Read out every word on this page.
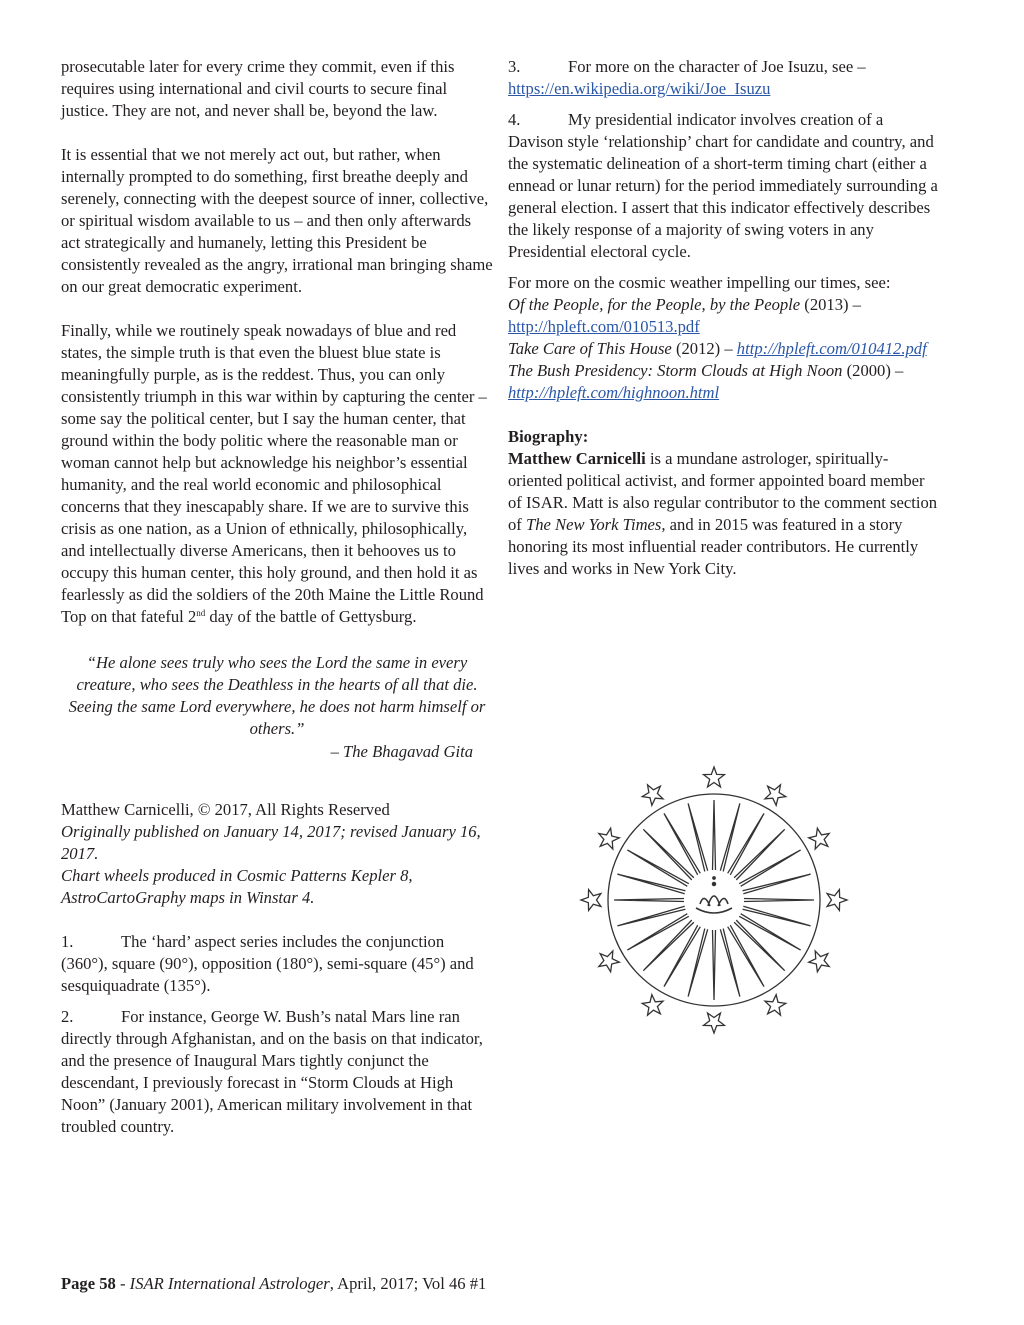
prosecutable later for every crime they commit, even if this requires using international and civil courts to secure final justice. They are not, and never shall be, beyond the law.

It is essential that we not merely act out, but rather, when internally prompted to do something, first breathe deeply and serenely, connecting with the deepest source of inner, collective, or spiritual wisdom available to us – and then only afterwards act strategically and humanely, letting this President be consistently revealed as the angry, irrational man bringing shame on our great democratic experiment.

Finally, while we routinely speak nowadays of blue and red states, the simple truth is that even the bluest blue state is meaningfully purple, as is the reddest. Thus, you can only consistently triumph in this war within by capturing the center – some say the political center, but I say the human center, that ground within the body politic where the reasonable man or woman cannot help but acknowledge his neighbor’s essential humanity, and the real world economic and philosophical concerns that they inescapably share. If we are to survive this crisis as one nation, as a Union of ethnically, philosophically, and intellectually diverse Americans, then it behooves us to occupy this human center, this holy ground, and then hold it as fearlessly as did the soldiers of the 20th Maine the Little Round Top on that fateful 2nd day of the battle of Gettysburg.

“He alone sees truly who sees the Lord the same in every creature, who sees the Deathless in the hearts of all that die.

Seeing the same Lord everywhere, he does not harm himself or others.”

– The Bhagavad Gita

Matthew Carnicelli, © 2017, All Rights Reserved

Originally published on January 14, 2017; revised January 16, 2017.

Chart wheels produced in Cosmic Patterns Kepler 8, AstroCartoGraphy maps in Winstar 4.

1.	The ‘hard’ aspect series includes the conjunction (360°), square (90°), opposition (180°), semi-square (45°) and sesquiquadrate (135°).

2.	For instance, George W. Bush’s natal Mars line ran directly through Afghanistan, and on the basis on that indicator, and the presence of Inaugural Mars tightly conjunct the descendant, I previously forecast in “Storm Clouds at High Noon” (January 2001), American military involvement in that troubled country.

3.	For more on the character of Joe Isuzu, see –
https://en.wikipedia.org/wiki/Joe_Isuzu

4.	My presidential indicator involves creation of a Davison style ‘relationship’ chart for candidate and country, and the systematic delineation of a short-term timing chart (either a ennead or lunar return) for the period immediately surrounding a general election. I assert that this indicator effectively describes the likely response of a majority of swing voters in any Presidential electoral cycle.

For more on the cosmic weather impelling our times, see:

Of the People, for the People, by the People (2013) –
http://hpleft.com/010513.pdf

Take Care of This House (2012) – http://hpleft.com/010412.pdf

The Bush Presidency: Storm Clouds at High Noon (2000) – http://hpleft.com/highnoon.html

Biography:

Matthew Carnicelli is a mundane astrologer, spiritually-oriented political activist, and former appointed board member of ISAR. Matt is also regular contributor to the comment section of The New York Times, and in 2015 was featured in a story honoring its most influential reader contributors. He currently lives and works in New York City.

Page 58 - ISAR International Astrologer, April, 2017; Vol 46 #1
